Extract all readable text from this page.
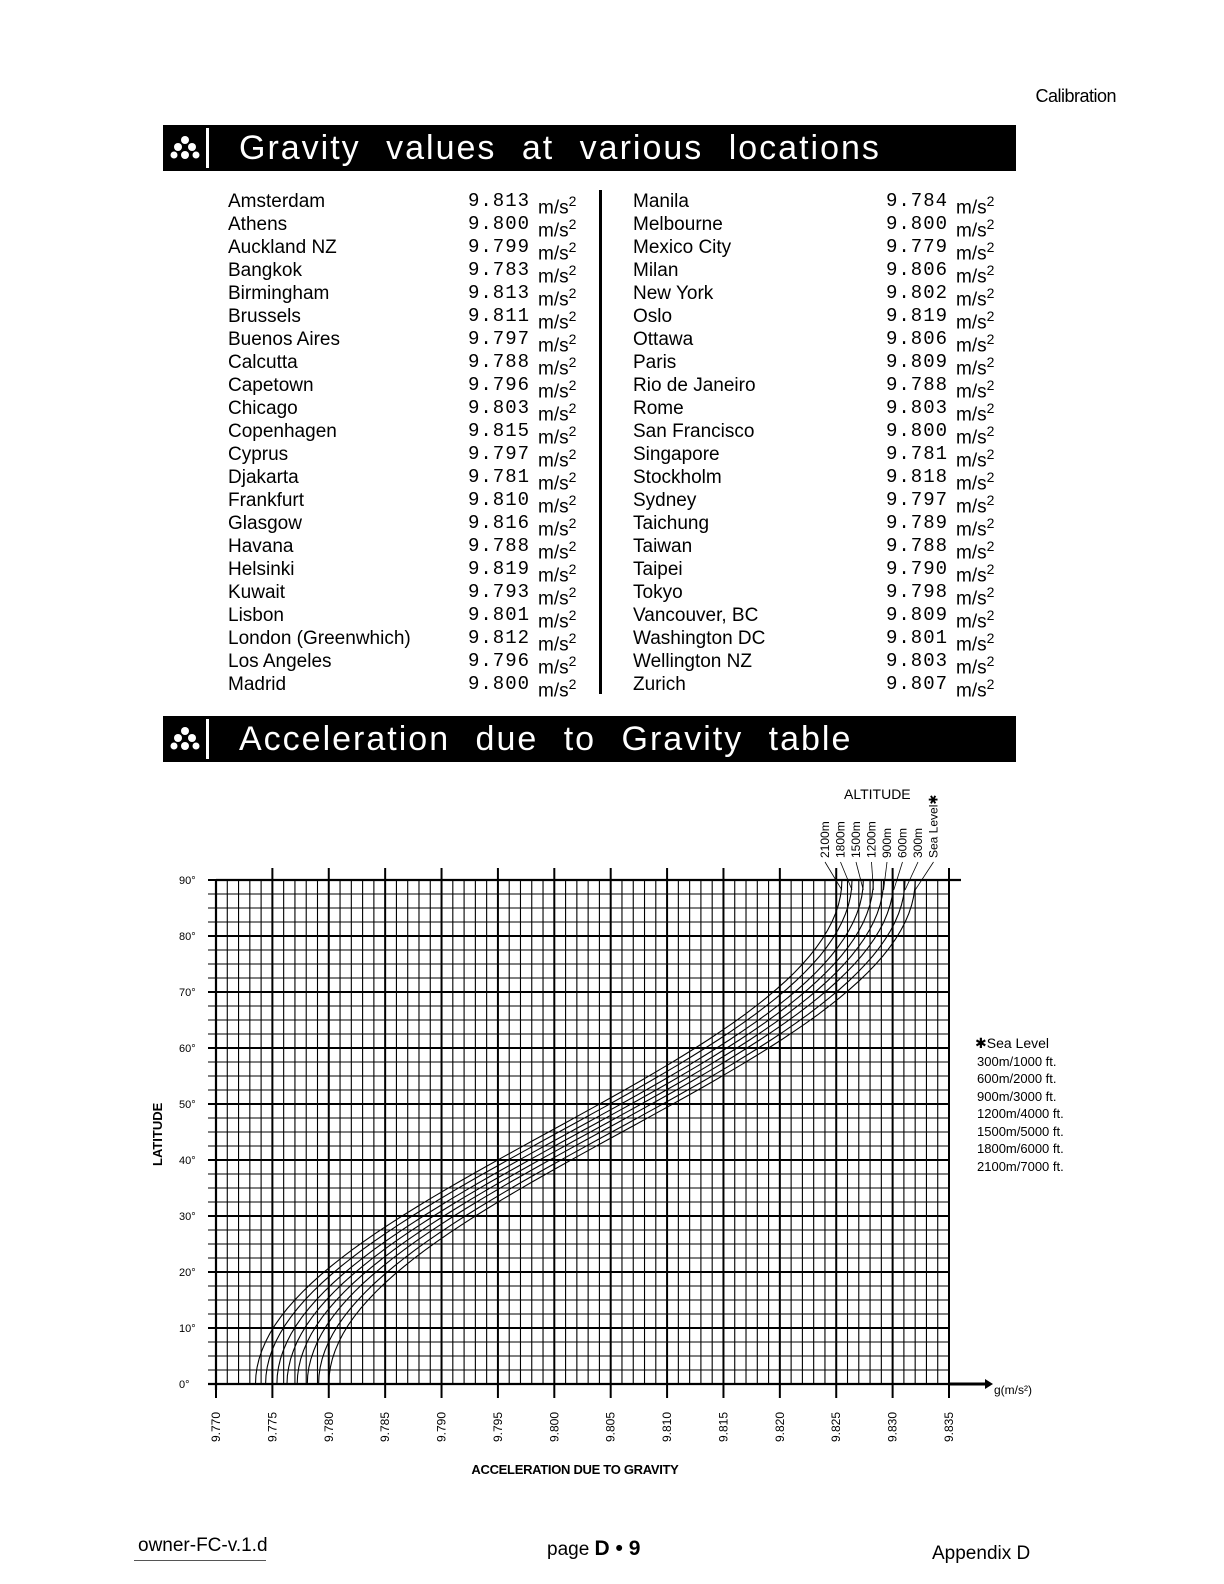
Calibration
Gravity values at various locations
Amsterdam	9.813 $m/s^2$
Athens	9.800 $m/s^2$
Auckland NZ	9.799 $m/s^2$
Bangkok	9.783 $m/s^2$
Birmingham	9.813 $m/s^2$
Brussels	9.811 $m/s^2$
Buenos Aires	9.797 $m/s^2$
Calcutta	9.788 $m/s^2$
Capetown	9.796 $m/s^2$
Chicago	9.803 $m/s^2$
Copenhagen	9.815 $m/s^2$
Cyprus	9.797 $m/s^2$
Djakarta	9.781 $m/s^2$
Frankfurt	9.810 $m/s^2$
Glasgow	9.816 $m/s^2$
Havana	9.788 $m/s^2$
Helsinki	9.819 $m/s^2$
Kuwait	9.793 $m/s^2$
Lisbon	9.801 $m/s^2$
London (Greenwhich)	9.812 $m/s^2$
Los Angeles	9.796 $m/s^2$
Madrid	9.800 $m/s^2$
Manila	9.784 $m/s^2$
Melbourne	9.800 $m/s^2$
Mexico City	9.779 $m/s^2$
Milan	9.806 $m/s^2$
New York	9.802 $m/s^2$
Oslo	9.819 $m/s^2$
Ottawa	9.806 $m/s^2$
Paris	9.809 $m/s^2$
Rio de Janeiro	9.788 $m/s^2$
Rome	9.803 $m/s^2$
San Francisco	9.800 $m/s^2$
Singapore	9.781 $m/s^2$
Stockholm	9.818 $m/s^2$
Sydney	9.797 $m/s^2$
Taichung	9.789 $m/s^2$
Taiwan	9.788 $m/s^2$
Taipei	9.790 $m/s^2$
Tokyo	9.798 $m/s^2$
Vancouver, BC	9.809 $m/s^2$
Washington DC	9.801 $m/s^2$
Wellington NZ	9.803 $m/s^2$
Zurich	9.807 $m/s^2$
Acceleration due to Gravity table
9.770	9.775	9.780	9.785	9.790	9.795	9.800	9.805	9.810	9.815	9.820	9.825	9.830	9.835
0°
10°
20°
30°
40°
50°
60°
70°
80°
90°
LATITUDE
ACCELERATION DUE TO GRAVITY
g(m/s²)
ALTITUDE
2100m 1800m 1500m 1200m 900m 600m 300m Sea Level✱
✱Sea Level
300m/1000 ft.
600m/2000 ft.
900m/3000 ft.
1200m/4000 ft.
1500m/5000 ft.
1800m/6000 ft.
2100m/7000 ft.
owner-FC-v.1.d	page D • 9	Appendix D
